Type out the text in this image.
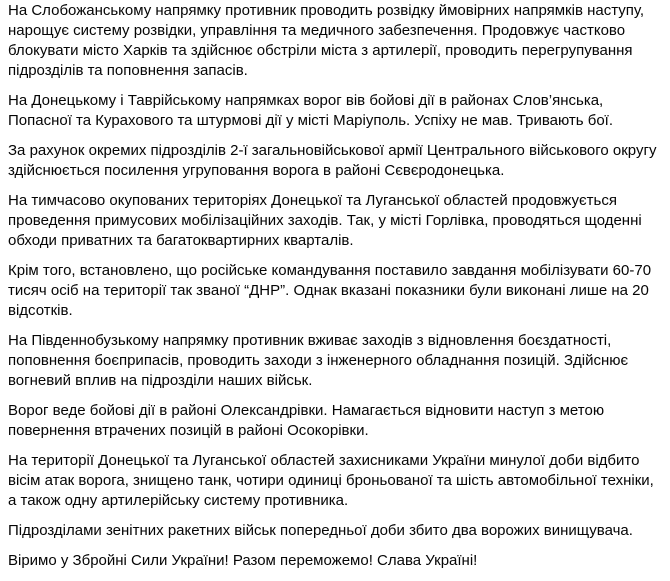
На Слобожанському напрямку противник проводить розвідку ймовірних напрямків наступу, нарощує систему розвідки, управління та медичного забезпечення. Продовжує частково блокувати місто Харків та здійснює обстріли міста з артилерії, проводить перегрупування підрозділів та поповнення запасів.

На Донецькому і Таврійському напрямках ворог вів бойові дії в районах Слов’янська, Попасної та Курахового та штурмові дії у місті Маріуполь. Успіху не мав. Тривають бої.

За рахунок окремих підрозділів 2-ї загальновійськової армії Центрального військового округу здійснюється посилення угруповання ворога в районі Сєвєродонецька.

На тимчасово окупованих територіях Донецької та Луганської областей продовжується проведення примусових мобілізаційних заходів. Так, у місті Горлівка, проводяться щоденні обходи приватних та багатоквартирних кварталів.

Крім того, встановлено, що російське командування поставило завдання мобілізувати 60-70 тисяч осіб на території так званої “ДНР”. Однак вказані показники були виконані лише на 20 відсотків.

На Південнобузькому напрямку противник вживає заходів з відновлення боєздатності, поповнення боєприпасів, проводить заходи з інженерного обладнання позицій. Здійснює вогневий вплив на підрозділи наших військ.

Ворог веде бойові дії в районі Олександрівки. Намагається відновити наступ з метою повернення втрачених позицій в районі Осокорівки.

На території Донецької та Луганської областей захисниками України минулої доби відбито вісім атак ворога, знищено танк, чотири одиниці броньованої та шість автомобільної техніки, а також одну артилерійську систему противника.

Підрозділами зенітних ракетних військ попередньої доби збито два ворожих винищувача.

Віримо у Збройні Сили України! Разом переможемо! Слава Україні!
